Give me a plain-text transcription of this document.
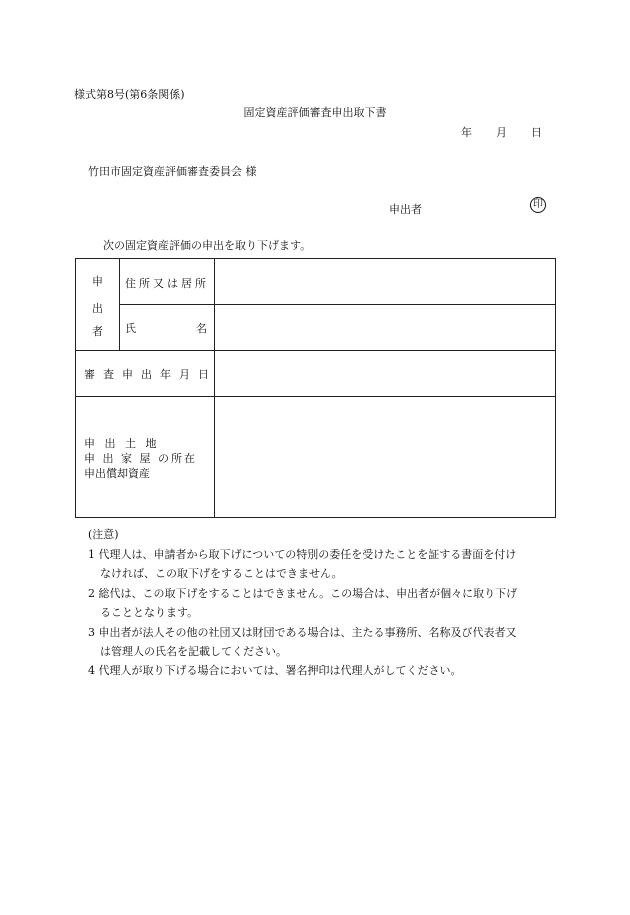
様式第8号(第6条関係)
固定資産評価審査申出取下書
年 月 日
竹田市固定資産評価審査委員会 様
申出者	印
次の固定資産評価の申出を取り下げます。
申
出
者
住所又は居所
氏	名
審査申出年月日
申 出 土 地
申 出 家 屋 の所在
申出償却資産
(注意)
1 代理人は、申請者から取下げについての特別の委任を受けたことを証する書面を付け
なければ、この取下げをすることはできません。
2 総代は、この取下げをすることはできません。この場合は、申出者が個々に取り下げ
ることとなります。
3 申出者が法人その他の社団又は財団である場合は、主たる事務所、名称及び代表者又
は管理人の氏名を記載してください。
4 代理人が取り下げる場合においては、署名押印は代理人がしてください。
